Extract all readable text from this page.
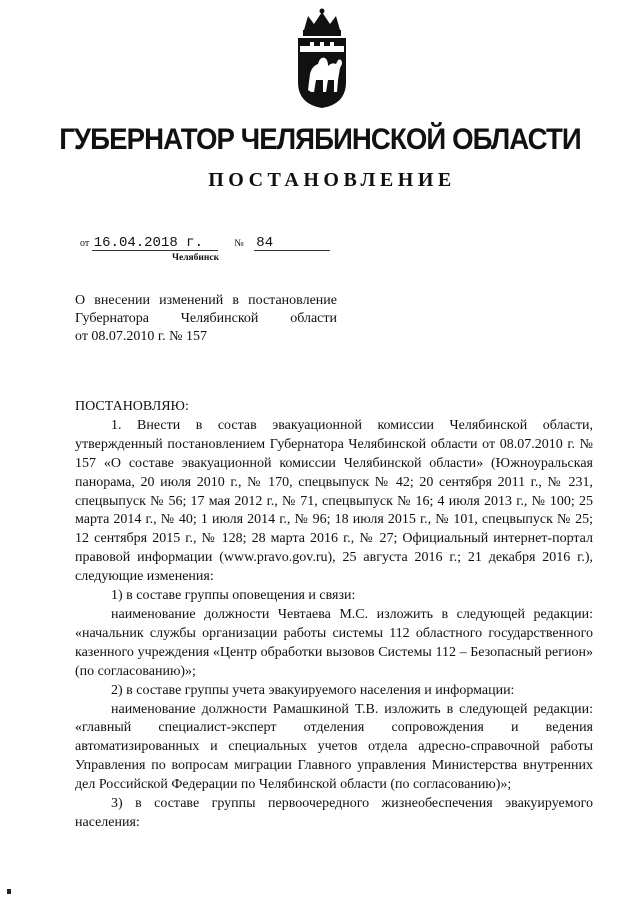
ГУБЕРНАТОР ЧЕЛЯБИНСКОЙ ОБЛАСТИ
ПОСТАНОВЛЕНИЕ
от 16.04.2018 г.	№ 84
Челябинск
О внесении изменений в постановление
Губернатора Челябинской области
от 08.07.2010 г. № 157

ПОСТАНОВЛЯЮ:

1. Внести в состав эвакуационной комиссии Челябинской области, утвержденный постановлением Губернатора Челябинской области от 08.07.2010 г. № 157 «О составе эвакуационной комиссии Челябинской области» (Южноуральская панорама, 20 июля 2010 г., № 170, спецвыпуск № 42; 20 сентября 2011 г., № 231, спецвыпуск № 56; 17 мая 2012 г., № 71, спецвыпуск № 16; 4 июля 2013 г., № 100; 25 марта 2014 г., № 40; 1 июля 2014 г., № 96; 18 июля 2015 г., № 101, спецвыпуск № 25; 12 сентября 2015 г., № 128; 28 марта 2016 г., № 27; Официальный интернет-портал правовой информации (www.pravo.gov.ru), 25 августа 2016 г.; 21 декабря 2016 г.), следующие изменения:

1) в составе группы оповещения и связи:

наименование должности Чевтаева М.С. изложить в следующей редакции: «начальник службы организации работы системы 112 областного государственного казенного учреждения «Центр обработки вызовов Системы 112 – Безопасный регион» (по согласованию)»;

2) в составе группы учета эвакуируемого населения и информации:

наименование должности Рамашкиной Т.В. изложить в следующей редакции: «главный специалист-эксперт отделения сопровождения и ведения автоматизированных и специальных учетов отдела адресно-справочной работы Управления по вопросам миграции Главного управления Министерства внутренних дел Российской Федерации по Челябинской области (по согласованию)»;

3) в составе группы первоочередного жизнеобеспечения эвакуируемого населения:
